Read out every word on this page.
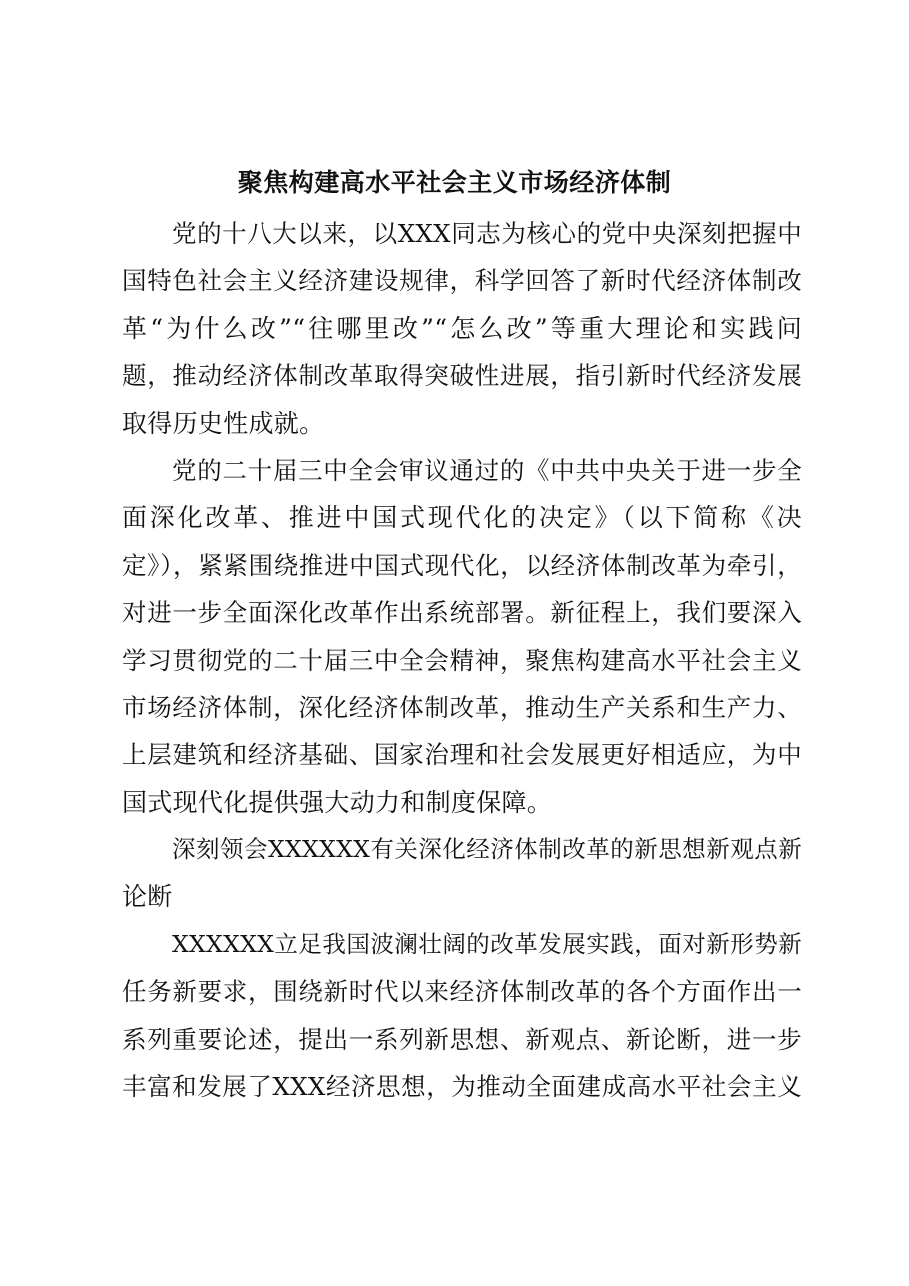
聚焦构建高水平社会主义市场经济体制
党的十八大以来，以XXX同志为核心的党中央深刻把握中
国特色社会主义经济建设规律，科学回答了新时代经济体制改
革“为什么改”“往哪里改”“怎么改”等重大理论和实践问
题，推动经济体制改革取得突破性进展，指引新时代经济发展
取得历史性成就。
党的二十届三中全会审议通过的《中共中央关于进一步全
面深化改革、推进中国式现代化的决定》（以下简称《决
定》），紧紧围绕推进中国式现代化，以经济体制改革为牵引，
对进一步全面深化改革作出系统部署。新征程上，我们要深入
学习贯彻党的二十届三中全会精神，聚焦构建高水平社会主义
市场经济体制，深化经济体制改革，推动生产关系和生产力、
上层建筑和经济基础、国家治理和社会发展更好相适应，为中
国式现代化提供强大动力和制度保障。
深刻领会XXXXXX有关深化经济体制改革的新思想新观点新
论断
XXXXXX立足我国波澜壮阔的改革发展实践，面对新形势新
任务新要求，围绕新时代以来经济体制改革的各个方面作出一
系列重要论述，提出一系列新思想、新观点、新论断，进一步
丰富和发展了XXX经济思想，为推动全面建成高水平社会主义
